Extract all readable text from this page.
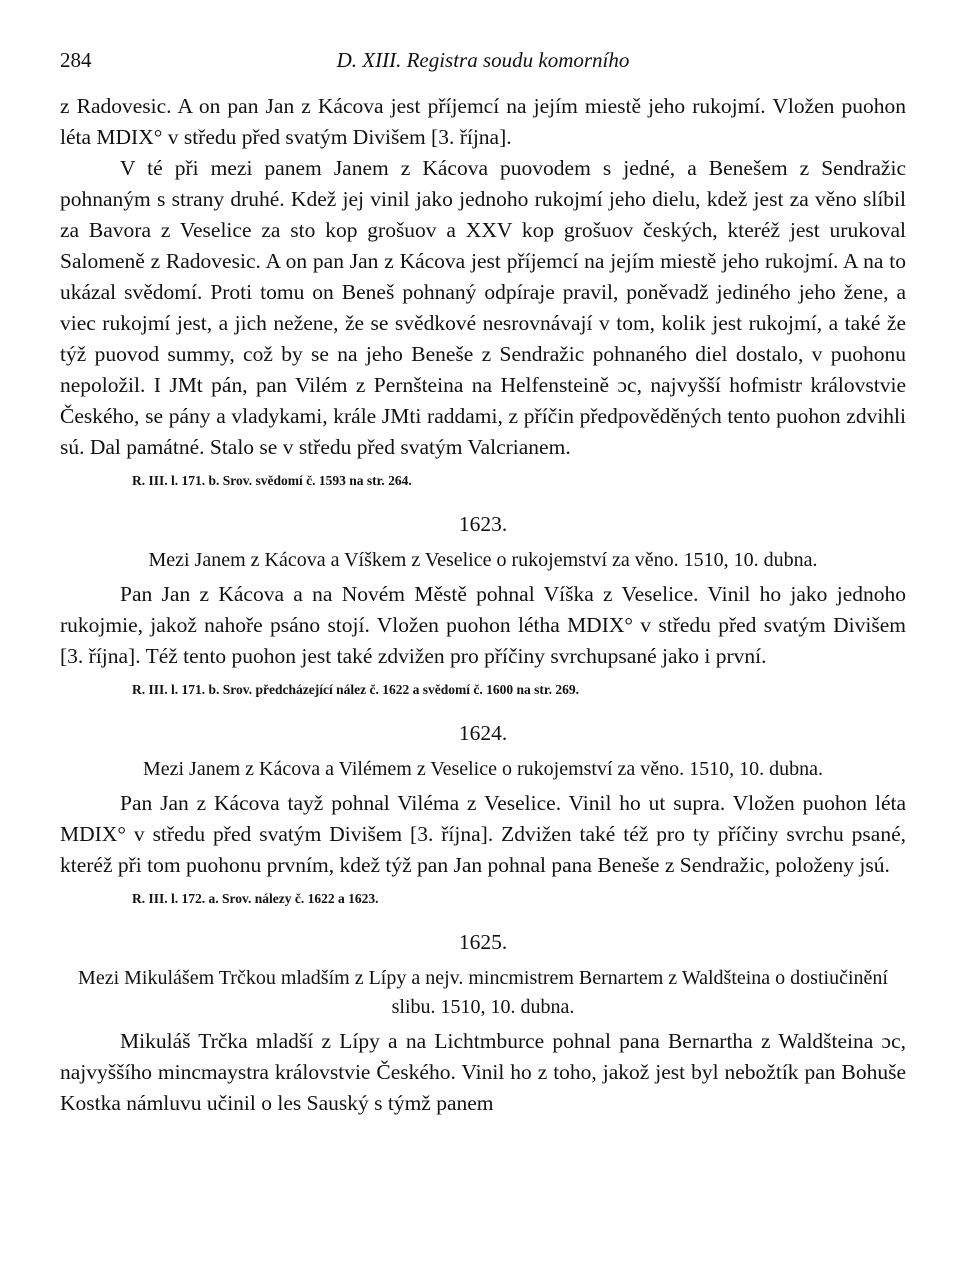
284	D. XIII. Registra soudu komorního

z Radovesic. A on pan Jan z Kácova jest příjemcí na jejím miestě jeho rukojmí. Vložen puohon léta MDIX° v středu před svatým Divišem [3. října].

V té při mezi panem Janem z Kácova puovodem s jedné, a Benešem z Sendražic pohnaným s strany druhé. Kdež jej vinil jako jednoho rukojmí jeho dielu, kdež jest za věno slíbil za Bavora z Veselice za sto kop grošuov a XXV kop grošuov českých, kteréž jest urukoval Salomeně z Radovesic. A on pan Jan z Kácova jest příjemcí na jejím miestě jeho rukojmí. A na to ukázal svědomí. Proti tomu on Beneš pohnaný odpíraje pravil, poněvadž jediného jeho žene, a viec rukojmí jest, a jich nežene, že se svědkové nesrovnávají v tom, kolik jest rukojmí, a také že týž puovod summy, což by se na jeho Beneše z Sendražic pohnaného diel dostalo, v puohonu nepoložil. I JMt pán, pan Vilém z Pernšteina na Helfensteině ɔc, najvyšší hofmistr královstvie Českého, se pány a vladykami, krále JMti raddami, z příčin předpověděných tento puohon zdvihli sú. Dal památné. Stalo se v středu před svatým Valcrianem.

R. III. l. 171. b. Srov. svědomí č. 1593 na str. 264.

1623.

Mezi Janem z Kácova a Víškem z Veselice o rukojemství za věno. 1510, 10. dubna.

Pan Jan z Kácova a na Novém Městě pohnal Víška z Veselice. Vinil ho jako jednoho rukojmie, jakož nahoře psáno stojí. Vložen puohon létha MDIX° v středu před svatým Divišem [3. října]. Též tento puohon jest také zdvižen pro příčiny svrchupsané jako i první.

R. III. l. 171. b. Srov. předcházející nález č. 1622 a svědomí č. 1600 na str. 269.

1624.

Mezi Janem z Kácova a Vilémem z Veselice o rukojemství za věno. 1510, 10. dubna.

Pan Jan z Kácova tayž pohnal Viléma z Veselice. Vinil ho ut supra. Vložen puohon léta MDIX° v středu před svatým Divišem [3. října]. Zdvižen také též pro ty příčiny svrchu psané, kteréž při tom puohonu prvním, kdež týž pan Jan pohnal pana Beneše z Sendražic, položeny jsú.

R. III. l. 172. a. Srov. nálezy č. 1622 a 1623.

1625.

Mezi Mikulášem Trčkou mladším z Lípy a nejv. mincmistrem Bernartem z Waldšteina o dostiučinění slibu. 1510, 10. dubna.

Mikuláš Trčka mladší z Lípy a na Lichtmburce pohnal pana Bernartha z Waldšteina ɔc, najvyššího mincmaystra královstvie Českého. Vinil ho z toho, jakož jest byl nebožtík pan Bohuše Kostka námluvu učinil o les Sauský s týmž panem
